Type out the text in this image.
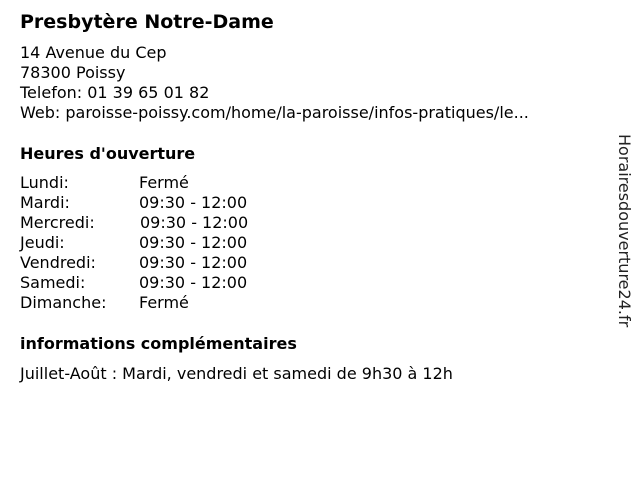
Presbytère Notre-Dame
14 Avenue du Cep
78300 Poissy
Telefon: 01 39 65 01 82
Web: paroisse-poissy.com/home/la-paroisse/infos-pratiques/le...
Heures d'ouverture
Lundi:	Fermé
Mardi:	09:30 - 12:00
Mercredi:	09:30 - 12:00
Jeudi:	09:30 - 12:00
Vendredi:	09:30 - 12:00
Samedi:	09:30 - 12:00
Dimanche: Fermé
informations complémentaires
Juillet-Août : Mardi, vendredi et samedi de 9h30 à 12h
Horairesdouverture24.fr
